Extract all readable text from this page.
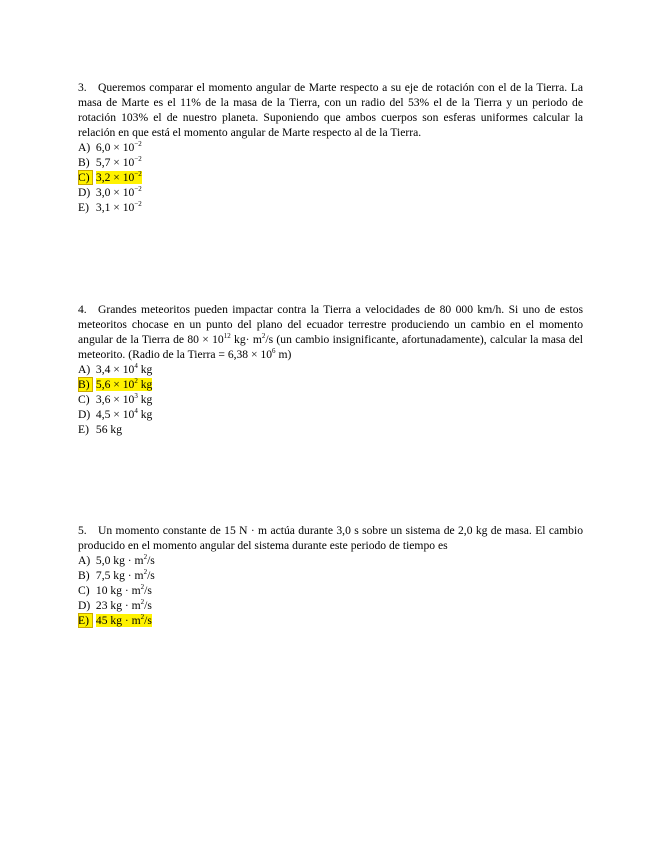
3. Queremos comparar el momento angular de Marte respecto a su eje de rotación con el de la Tierra. La masa de Marte es el 11% de la masa de la Tierra, con un radio del 53% el de la Tierra y un periodo de rotación 103% el de nuestro planeta. Suponiendo que ambos cuerpos son esferas uniformes calcular la relación en que está el momento angular de Marte respecto al de la Tierra.

A) $6,0 \times 10^{-2}$
B) $5,7 \times 10^{-2}$
C) $3,2 \times 10^{-2}$
D) $3,0 \times 10^{-2}$
E) $3,1 \times 10^{-2}$

4. Grandes meteoritos pueden impactar contra la Tierra a velocidades de 80 000 km/h. Si uno de estos meteoritos chocase en un punto del plano del ecuador terrestre produciendo un cambio en el momento angular de la Tierra de $80 \times 10^{12}$ $kg\cdot m^2/s$ (un cambio insignificante, afortunadamente), calcular la masa del meteorito. (Radio de la Tierra = $6,38 \times 10^6$ m)

A) $3,4 \times 10^4$ kg
B) $5,6 \times 10^2$ kg
C) $3,6 \times 10^3$ kg
D) $4,5 \times 10^4$ kg
E) 56 kg

5. Un momento constante de 15 N · m actúa durante 3,0 s sobre un sistema de 2,0 kg de masa. El cambio producido en el momento angular del sistema durante este periodo de tiempo es

A) 5,0 kg · $m^2/s$
B) 7,5 kg · $m^2/s$
C) 10 kg · $m^2/s$
D) 23 kg · $m^2/s$
E) 45 kg · $m^2/s$
